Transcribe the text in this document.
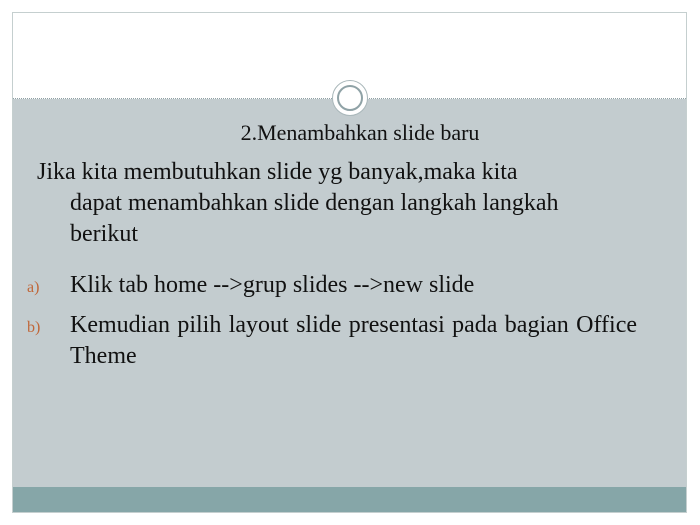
2.Menambahkan slide baru
Jika kita membutuhkan slide yg banyak,maka kita
dapat menambahkan slide dengan langkah langkah
berikut
a) Klik tab home -->grup slides -->new slide
b) Kemudian pilih layout slide presentasi pada bagian Office Theme
